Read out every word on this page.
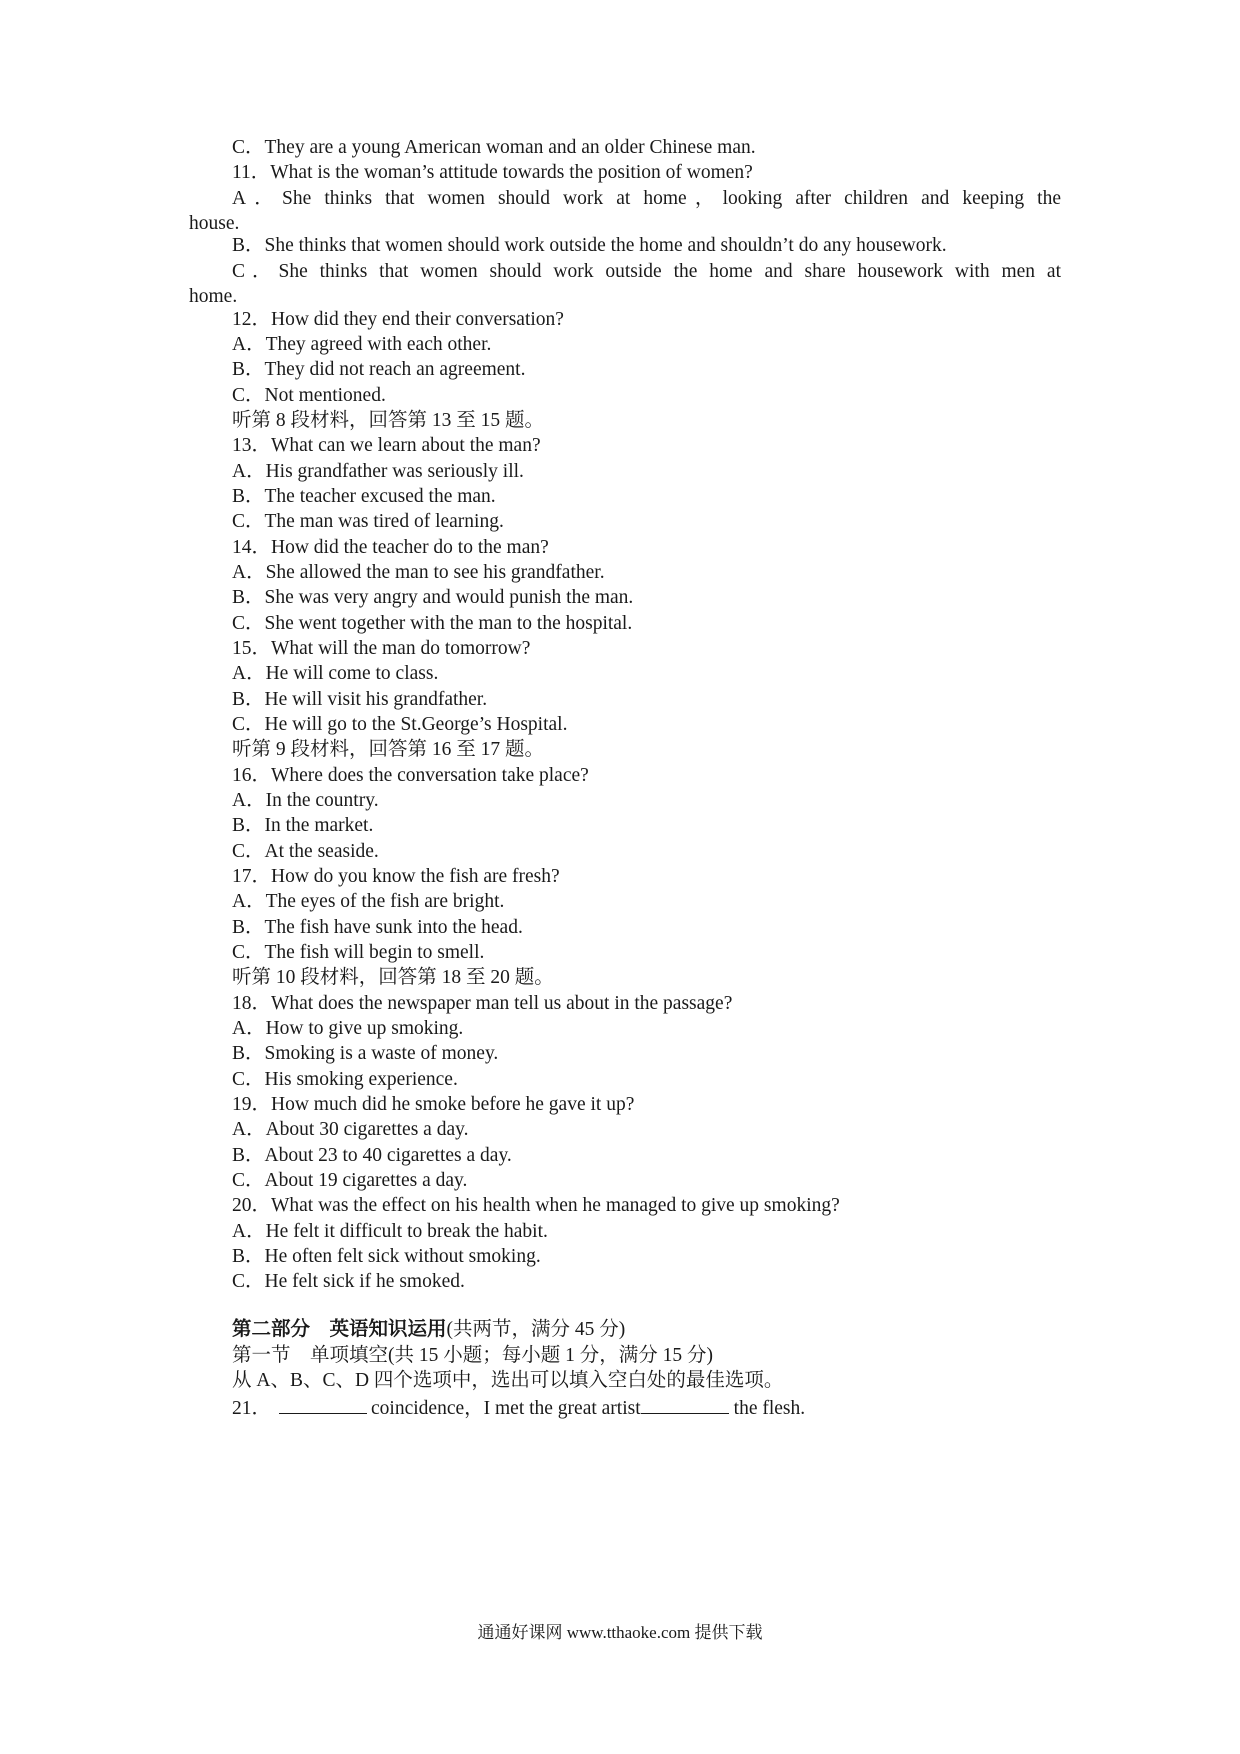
C．They are a young American woman and an older Chinese man.
11．What is the woman’s attitude towards the position of women?
A．She thinks that women should work at home，looking after children and keeping the
house.
B．She thinks that women should work outside the home and shouldn’t do any housework.
C．She thinks that women should work outside the home and share housework with men at
home.
12．How did they end their conversation?
A．They agreed with each other.
B．They did not reach an agreement.
C．Not mentioned.
听第 8 段材料，回答第 13 至 15 题。
13．What can we learn about the man?
A．His grandfather was seriously ill.
B．The teacher excused the man.
C．The man was tired of learning.
14．How did the teacher do to the man?
A．She allowed the man to see his grandfather.
B．She was very angry and would punish the man.
C．She went together with the man to the hospital.
15．What will the man do tomorrow?
A．He will come to class.
B．He will visit his grandfather.
C．He will go to the St.George’s Hospital.
听第 9 段材料，回答第 16 至 17 题。
16．Where does the conversation take place?
A．In the country.
B．In the market.
C．At the seaside.
17．How do you know the fish are fresh?
A．The eyes of the fish are bright.
B．The fish have sunk into the head.
C．The fish will begin to smell.
听第 10 段材料，回答第 18 至 20 题。
18．What does the newspaper man tell us about in the passage?
A．How to give up smoking.
B．Smoking is a waste of money.
C．His smoking experience.
19．How much did he smoke before he gave it up?
A．About 30 cigarettes a day.
B．About 23 to 40 cigarettes a day.
C．About 19 cigarettes a day.
20．What was the effect on his health when he managed to give up smoking?
A．He felt it difficult to break the habit.
B．He often felt sick without smoking.
C．He felt sick if he smoked.
第二部分　英语知识运用(共两节，满分 45 分)
第一节　单项填空(共 15 小题；每小题 1 分，满分 15 分)
从 A、B、C、D 四个选项中，选出可以填入空白处的最佳选项。
21．	coincidence，I met the great artist	the flesh.
通通好课网 www.tthaoke.com 提供下载
